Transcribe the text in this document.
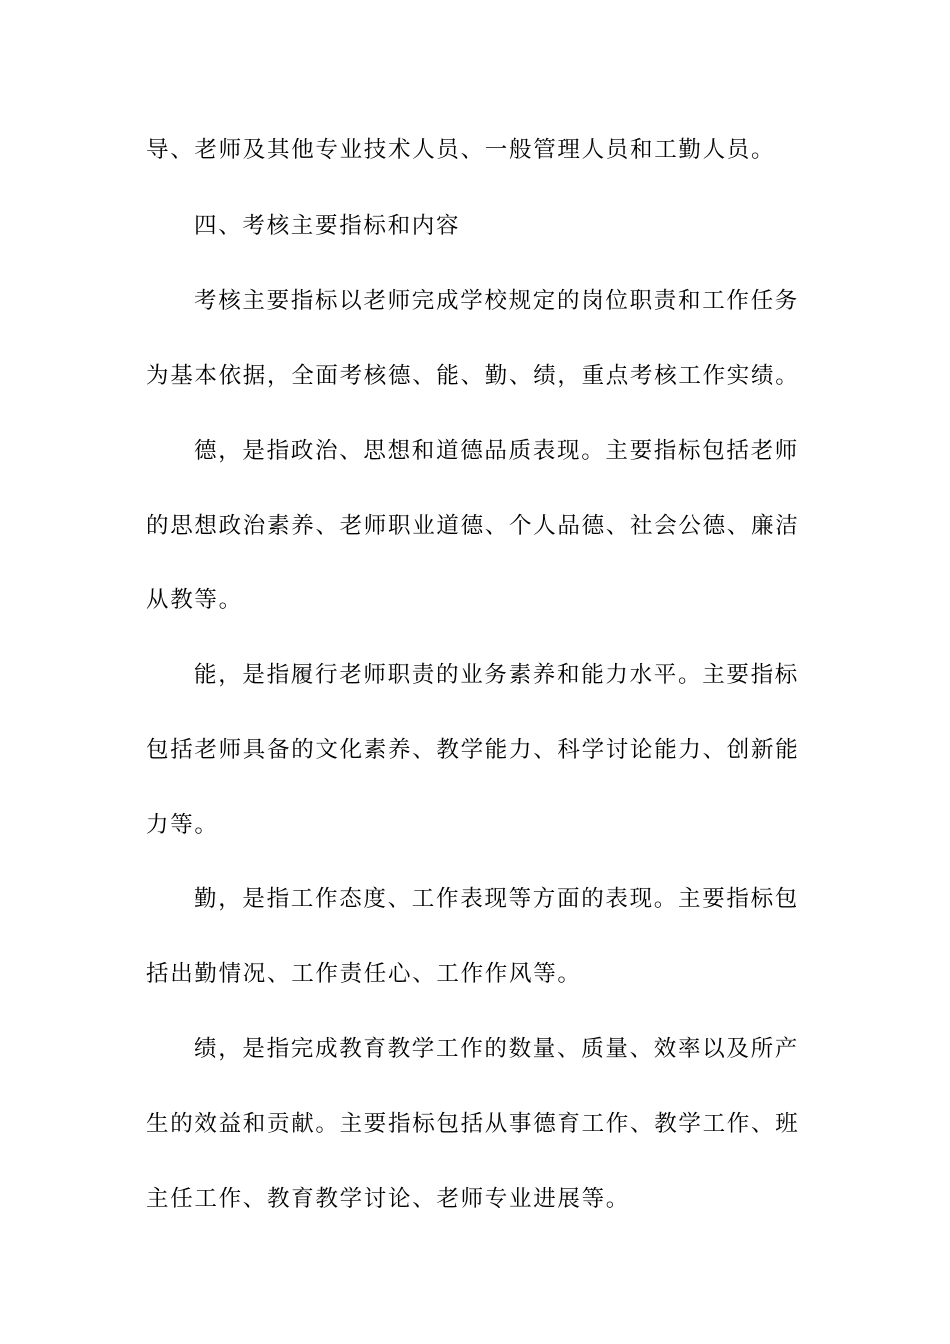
导、老师及其他专业技术人员、一般管理人员和工勤人员。
四、考核主要指标和内容
考核主要指标以老师完成学校规定的岗位职责和工作任务
为基本依据，全面考核德、能、勤、绩，重点考核工作实绩。
德，是指政治、思想和道德品质表现。主要指标包括老师
的思想政治素养、老师职业道德、个人品德、社会公德、廉洁
从教等。
能，是指履行老师职责的业务素养和能力水平。主要指标
包括老师具备的文化素养、教学能力、科学讨论能力、创新能
力等。
勤，是指工作态度、工作表现等方面的表现。主要指标包
括出勤情况、工作责任心、工作作风等。
绩，是指完成教育教学工作的数量、质量、效率以及所产
生的效益和贡献。主要指标包括从事德育工作、教学工作、班
主任工作、教育教学讨论、老师专业进展等。
